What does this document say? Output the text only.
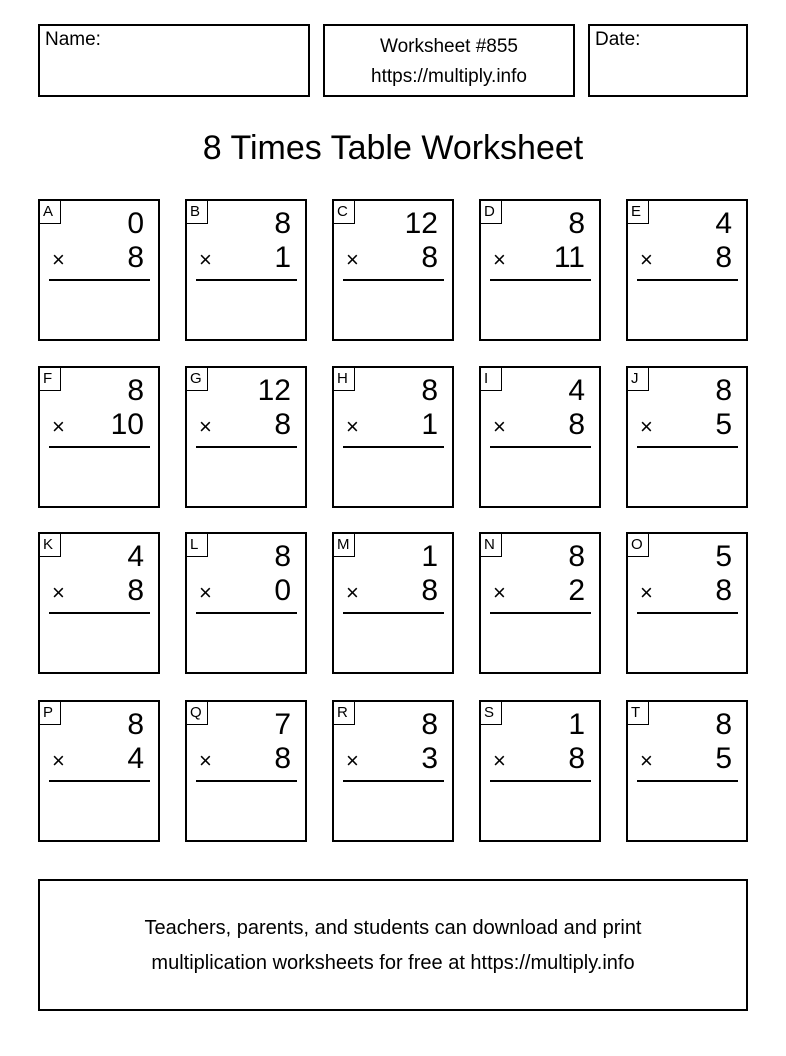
Name:	Worksheet #855
https://multiply.info
Date:
8 Times Table Worksheet
A 0
× 8
B 8
× 1
C 12
× 8
D 8
× 11
E 4
× 8
F	8
× 10
G 12
× 8
H 8
× 1
I	4
× 8
J	8
× 5
K 4
× 8
L	8
× 0
M 1
× 8
N 8
× 2
O 5
× 8
P 8
× 4
Q 7
× 8
R 8
× 3
S 1
× 8
T	8
× 5
Teachers, parents, and students can download and print
multiplication worksheets for free at https://multiply.info
